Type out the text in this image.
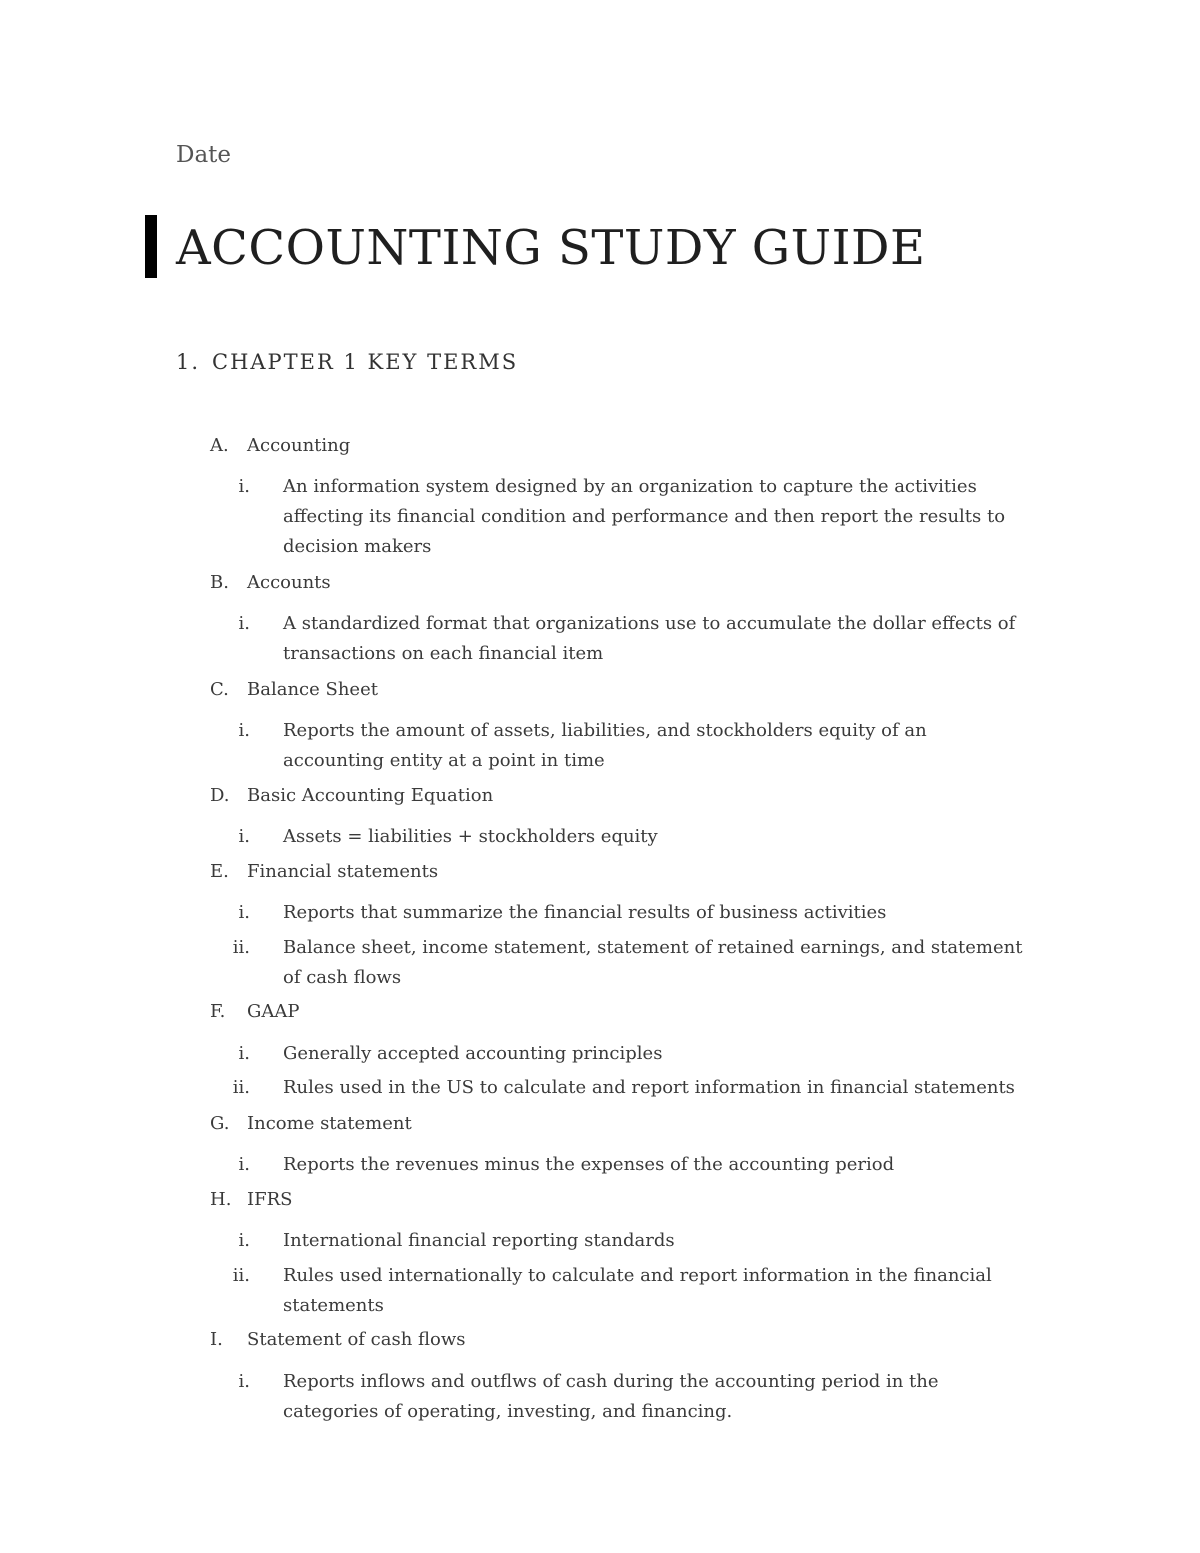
Date
ACCOUNTING STUDY GUIDE
1. CHAPTER 1 KEY TERMS
A. Accounting
i. An information system designed by an organization to capture the activities affecting its financial condition and performance and then report the results to decision makers
B. Accounts
i. A standardized format that organizations use to accumulate the dollar effects of transactions on each financial item
C. Balance Sheet
i. Reports the amount of assets, liabilities, and stockholders equity of an accounting entity at a point in time
D. Basic Accounting Equation
i. Assets = liabilities + stockholders equity
E. Financial statements
i. Reports that summarize the financial results of business activities
ii. Balance sheet, income statement, statement of retained earnings, and statement of cash flows
F. GAAP
i. Generally accepted accounting principles
ii. Rules used in the US to calculate and report information in financial statements
G. Income statement
i. Reports the revenues minus the expenses of the accounting period
H. IFRS
i. International financial reporting standards
ii. Rules used internationally to calculate and report information in the financial statements
I. Statement of cash flows
i. Reports inflows and outflws of cash during the accounting period in the categories of operating, investing, and financing.
